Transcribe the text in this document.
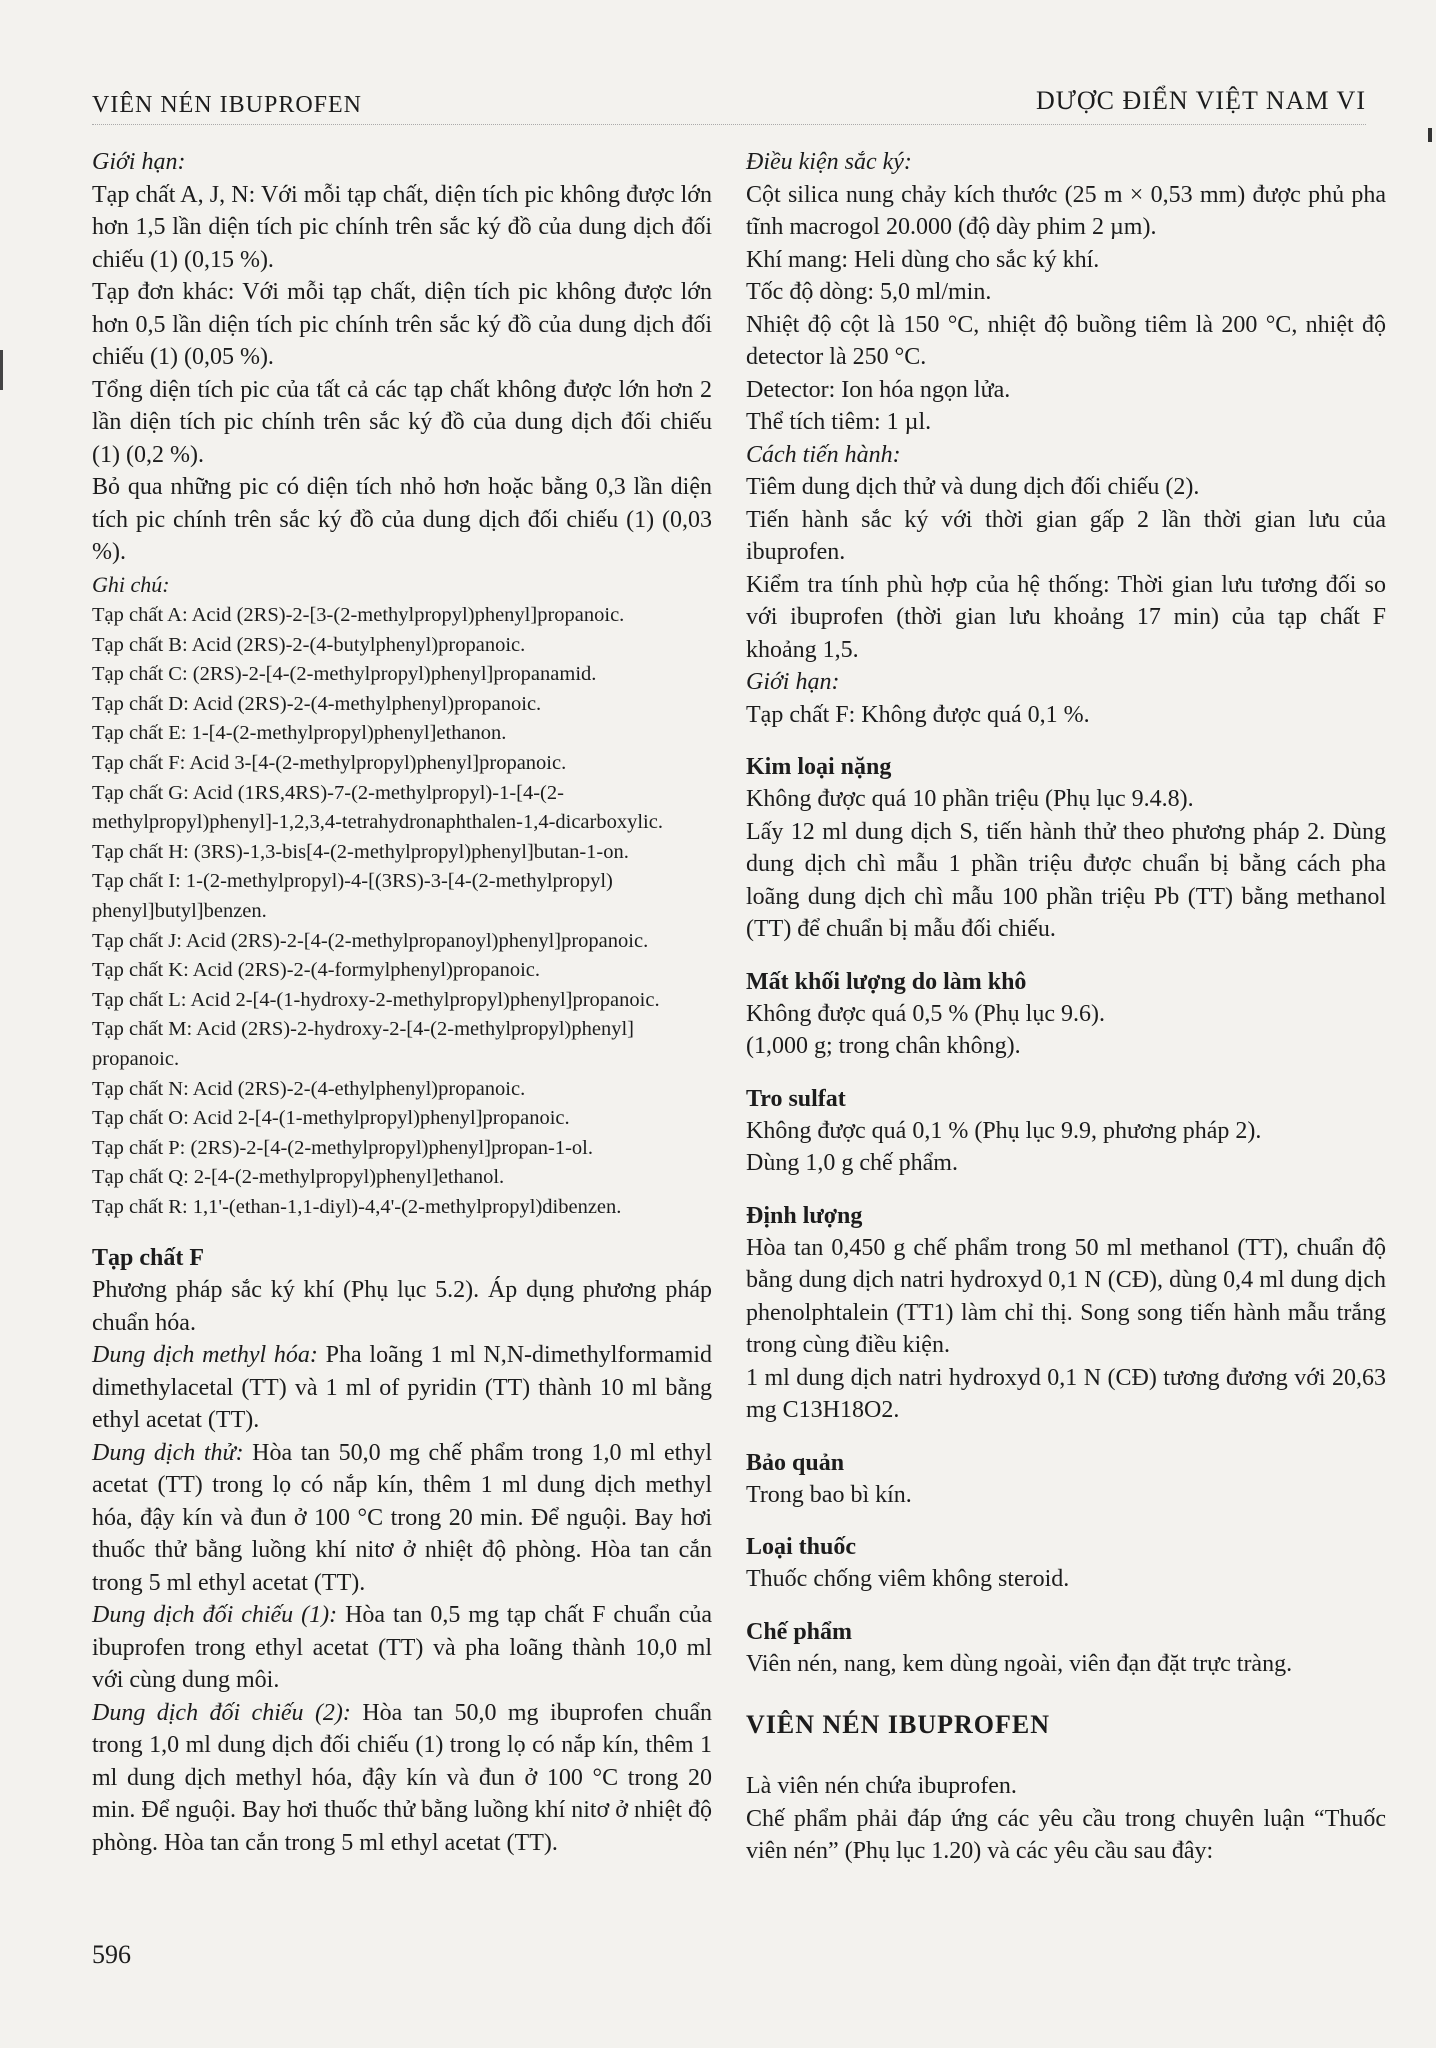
VIÊN NÉN IBUPROFEN	DƯỢC ĐIỂN VIỆT NAM VI

Giới hạn:

Tạp chất A, J, N: Với mỗi tạp chất, diện tích pic không được lớn hơn 1,5 lần diện tích pic chính trên sắc ký đồ của dung dịch đối chiếu (1) (0,15 %).

Tạp đơn khác: Với mỗi tạp chất, diện tích pic không được lớn hơn 0,5 lần diện tích pic chính trên sắc ký đồ của dung dịch đối chiếu (1) (0,05 %).

Tổng diện tích pic của tất cả các tạp chất không được lớn hơn 2 lần diện tích pic chính trên sắc ký đồ của dung dịch đối chiếu (1) (0,2 %).

Bỏ qua những pic có diện tích nhỏ hơn hoặc bằng 0,3 lần diện tích pic chính trên sắc ký đồ của dung dịch đối chiếu (1) (0,03 %).

Ghi chú:

Tạp chất A: Acid (2RS)-2-[3-(2-methylpropyl)phenyl]propanoic.

Tạp chất B: Acid (2RS)-2-(4-butylphenyl)propanoic.

Tạp chất C: (2RS)-2-[4-(2-methylpropyl)phenyl]propanamid.

Tạp chất D: Acid (2RS)-2-(4-methylphenyl)propanoic.

Tạp chất E: 1-[4-(2-methylpropyl)phenyl]ethanon.

Tạp chất F: Acid 3-[4-(2-methylpropyl)phenyl]propanoic.

Tạp chất G: Acid (1RS,4RS)-7-(2-methylpropyl)-1-[4-(2-methylpropyl)phenyl]-1,2,3,4-tetrahydronaphthalen-1,4-dicarboxylic.

Tạp chất H: (3RS)-1,3-bis[4-(2-methylpropyl)phenyl]butan-1-on.

Tạp chất I: 1-(2-methylpropyl)-4-[(3RS)-3-[4-(2-methylpropyl) phenyl]butyl]benzen.

Tạp chất J: Acid (2RS)-2-[4-(2-methylpropanoyl)phenyl]propanoic.

Tạp chất K: Acid (2RS)-2-(4-formylphenyl)propanoic.

Tạp chất L: Acid 2-[4-(1-hydroxy-2-methylpropyl)phenyl]propanoic.

Tạp chất M: Acid (2RS)-2-hydroxy-2-[4-(2-methylpropyl)phenyl] propanoic.

Tạp chất N: Acid (2RS)-2-(4-ethylphenyl)propanoic.

Tạp chất O: Acid 2-[4-(1-methylpropyl)phenyl]propanoic.

Tạp chất P: (2RS)-2-[4-(2-methylpropyl)phenyl]propan-1-ol.

Tạp chất Q: 2-[4-(2-methylpropyl)phenyl]ethanol.

Tạp chất R: 1,1'-(ethan-1,1-diyl)-4,4'-(2-methylpropyl)dibenzen.

Tạp chất F

Phương pháp sắc ký khí (Phụ lục 5.2). Áp dụng phương pháp chuẩn hóa.

Dung dịch methyl hóa: Pha loãng 1 ml N,N-dimethylformamid dimethylacetal (TT) và 1 ml of pyridin (TT) thành 10 ml bằng ethyl acetat (TT).

Dung dịch thử: Hòa tan 50,0 mg chế phẩm trong 1,0 ml ethyl acetat (TT) trong lọ có nắp kín, thêm 1 ml dung dịch methyl hóa, đậy kín và đun ở 100 °C trong 20 min. Để nguội. Bay hơi thuốc thử bằng luồng khí nitơ ở nhiệt độ phòng. Hòa tan cắn trong 5 ml ethyl acetat (TT).

Dung dịch đối chiếu (1): Hòa tan 0,5 mg tạp chất F chuẩn của ibuprofen trong ethyl acetat (TT) và pha loãng thành 10,0 ml với cùng dung môi.

Dung dịch đối chiếu (2): Hòa tan 50,0 mg ibuprofen chuẩn trong 1,0 ml dung dịch đối chiếu (1) trong lọ có nắp kín, thêm 1 ml dung dịch methyl hóa, đậy kín và đun ở 100 °C trong 20 min. Để nguội. Bay hơi thuốc thử bằng luồng khí nitơ ở nhiệt độ phòng. Hòa tan cắn trong 5 ml ethyl acetat (TT).

Điều kiện sắc ký:

Cột silica nung chảy kích thước (25 m × 0,53 mm) được phủ pha tĩnh macrogol 20.000 (độ dày phim 2 µm).

Khí mang: Heli dùng cho sắc ký khí.

Tốc độ dòng: 5,0 ml/min.

Nhiệt độ cột là 150 °C, nhiệt độ buồng tiêm là 200 °C, nhiệt độ detector là 250 °C.

Detector: Ion hóa ngọn lửa.

Thể tích tiêm: 1 µl.

Cách tiến hành:

Tiêm dung dịch thử và dung dịch đối chiếu (2).

Tiến hành sắc ký với thời gian gấp 2 lần thời gian lưu của ibuprofen.

Kiểm tra tính phù hợp của hệ thống: Thời gian lưu tương đối so với ibuprofen (thời gian lưu khoảng 17 min) của tạp chất F khoảng 1,5.

Giới hạn:

Tạp chất F: Không được quá 0,1 %.

Kim loại nặng

Không được quá 10 phần triệu (Phụ lục 9.4.8).

Lấy 12 ml dung dịch S, tiến hành thử theo phương pháp 2. Dùng dung dịch chì mẫu 1 phần triệu được chuẩn bị bằng cách pha loãng dung dịch chì mẫu 100 phần triệu Pb (TT) bằng methanol (TT) để chuẩn bị mẫu đối chiếu.

Mất khối lượng do làm khô

Không được quá 0,5 % (Phụ lục 9.6).

(1,000 g; trong chân không).

Tro sulfat

Không được quá 0,1 % (Phụ lục 9.9, phương pháp 2).

Dùng 1,0 g chế phẩm.

Định lượng

Hòa tan 0,450 g chế phẩm trong 50 ml methanol (TT), chuẩn độ bằng dung dịch natri hydroxyd 0,1 N (CĐ), dùng 0,4 ml dung dịch phenolphtalein (TT1) làm chỉ thị. Song song tiến hành mẫu trắng trong cùng điều kiện.

1 ml dung dịch natri hydroxyd 0,1 N (CĐ) tương đương với 20,63 mg C13H18O2.

Bảo quản

Trong bao bì kín.

Loại thuốc

Thuốc chống viêm không steroid.

Chế phẩm

Viên nén, nang, kem dùng ngoài, viên đạn đặt trực tràng.

VIÊN NÉN IBUPROFEN

Là viên nén chứa ibuprofen.

Chế phẩm phải đáp ứng các yêu cầu trong chuyên luận “Thuốc viên nén” (Phụ lục 1.20) và các yêu cầu sau đây:

596
